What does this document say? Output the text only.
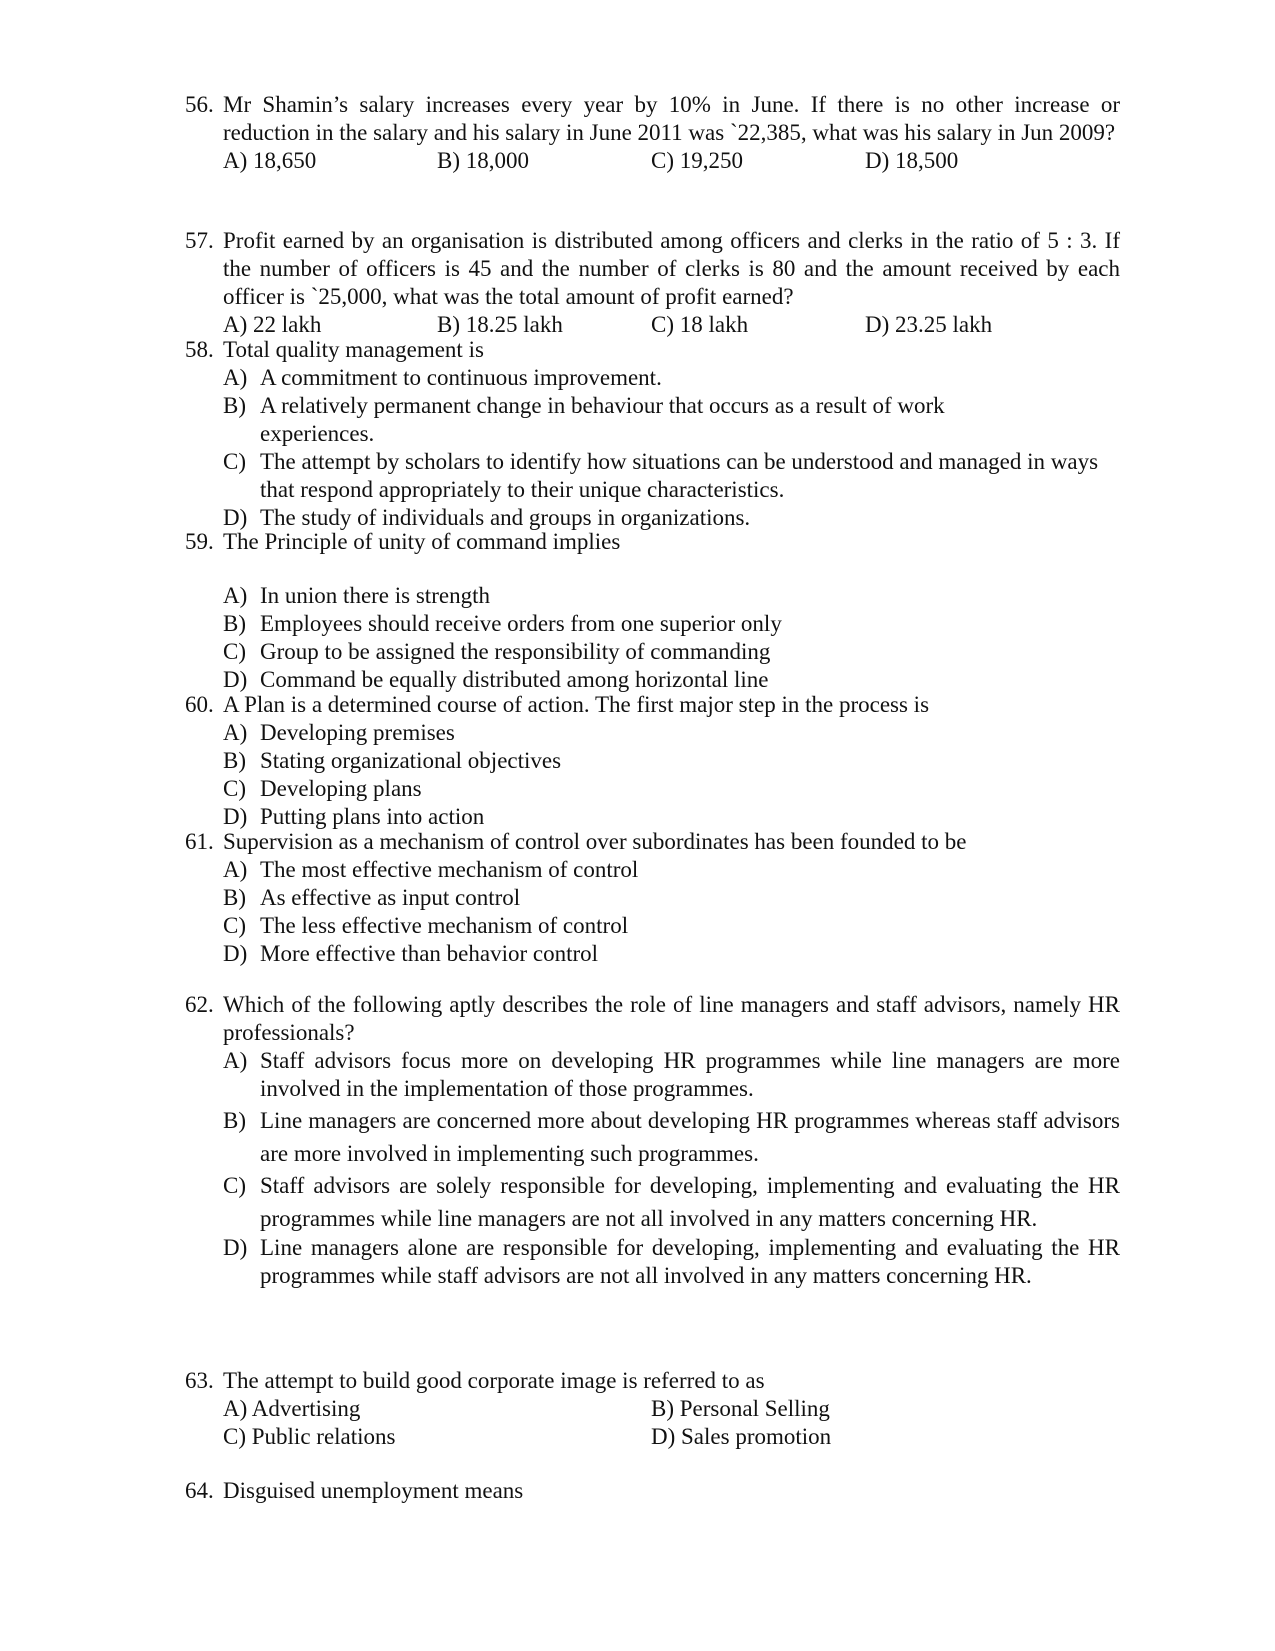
56. Mr Shamin’s salary increases every year by 10% in June. If there is no other increase or reduction in the salary and his salary in June 2011 was `22,385, what was his salary in Jun 2009?
A) 18,650	B) 18,000	C) 19,250	D) 18,500
57. Profit earned by an organisation is distributed among officers and clerks in the ratio of 5 : 3. If the number of officers is 45 and the number of clerks is 80 and the amount received by each officer is `25,000, what was the total amount of profit earned?
A) 22 lakh	B) 18.25 lakh	C) 18 lakh	D) 23.25 lakh
58. Total quality management is
A) A commitment to continuous improvement.
B) A relatively permanent change in behaviour that occurs as a result of work experiences.
C) The attempt by scholars to identify how situations can be understood and managed in ways that respond appropriately to their unique characteristics.
D) The study of individuals and groups in organizations.
59. The Principle of unity of command implies
A) In union there is strength
B) Employees should receive orders from one superior only
C) Group to be assigned the responsibility of commanding
D) Command be equally distributed among horizontal line
60. A Plan is a determined course of action. The first major step in the process is
A) Developing premises
B) Stating organizational objectives
C) Developing plans
D) Putting plans into action
61. Supervision as a mechanism of control over subordinates has been founded to be
A) The most effective mechanism of control
B) As effective as input control
C) The less effective mechanism of control
D) More effective than behavior control
62. Which of the following aptly describes the role of line managers and staff advisors, namely HR professionals?
A) Staff advisors focus more on developing HR programmes while line managers are more involved in the implementation of those programmes.
B) Line managers are concerned more about developing HR programmes whereas staff advisors are more involved in implementing such programmes.
C) Staff advisors are solely responsible for developing, implementing and evaluating the HR programmes while line managers are not all involved in any matters concerning HR.
D) Line managers alone are responsible for developing, implementing and evaluating the HR programmes while staff advisors are not all involved in any matters concerning HR.
63. The attempt to build good corporate image is referred to as
A) Advertising	B) Personal Selling
C) Public relations	D) Sales promotion
64. Disguised unemployment means
